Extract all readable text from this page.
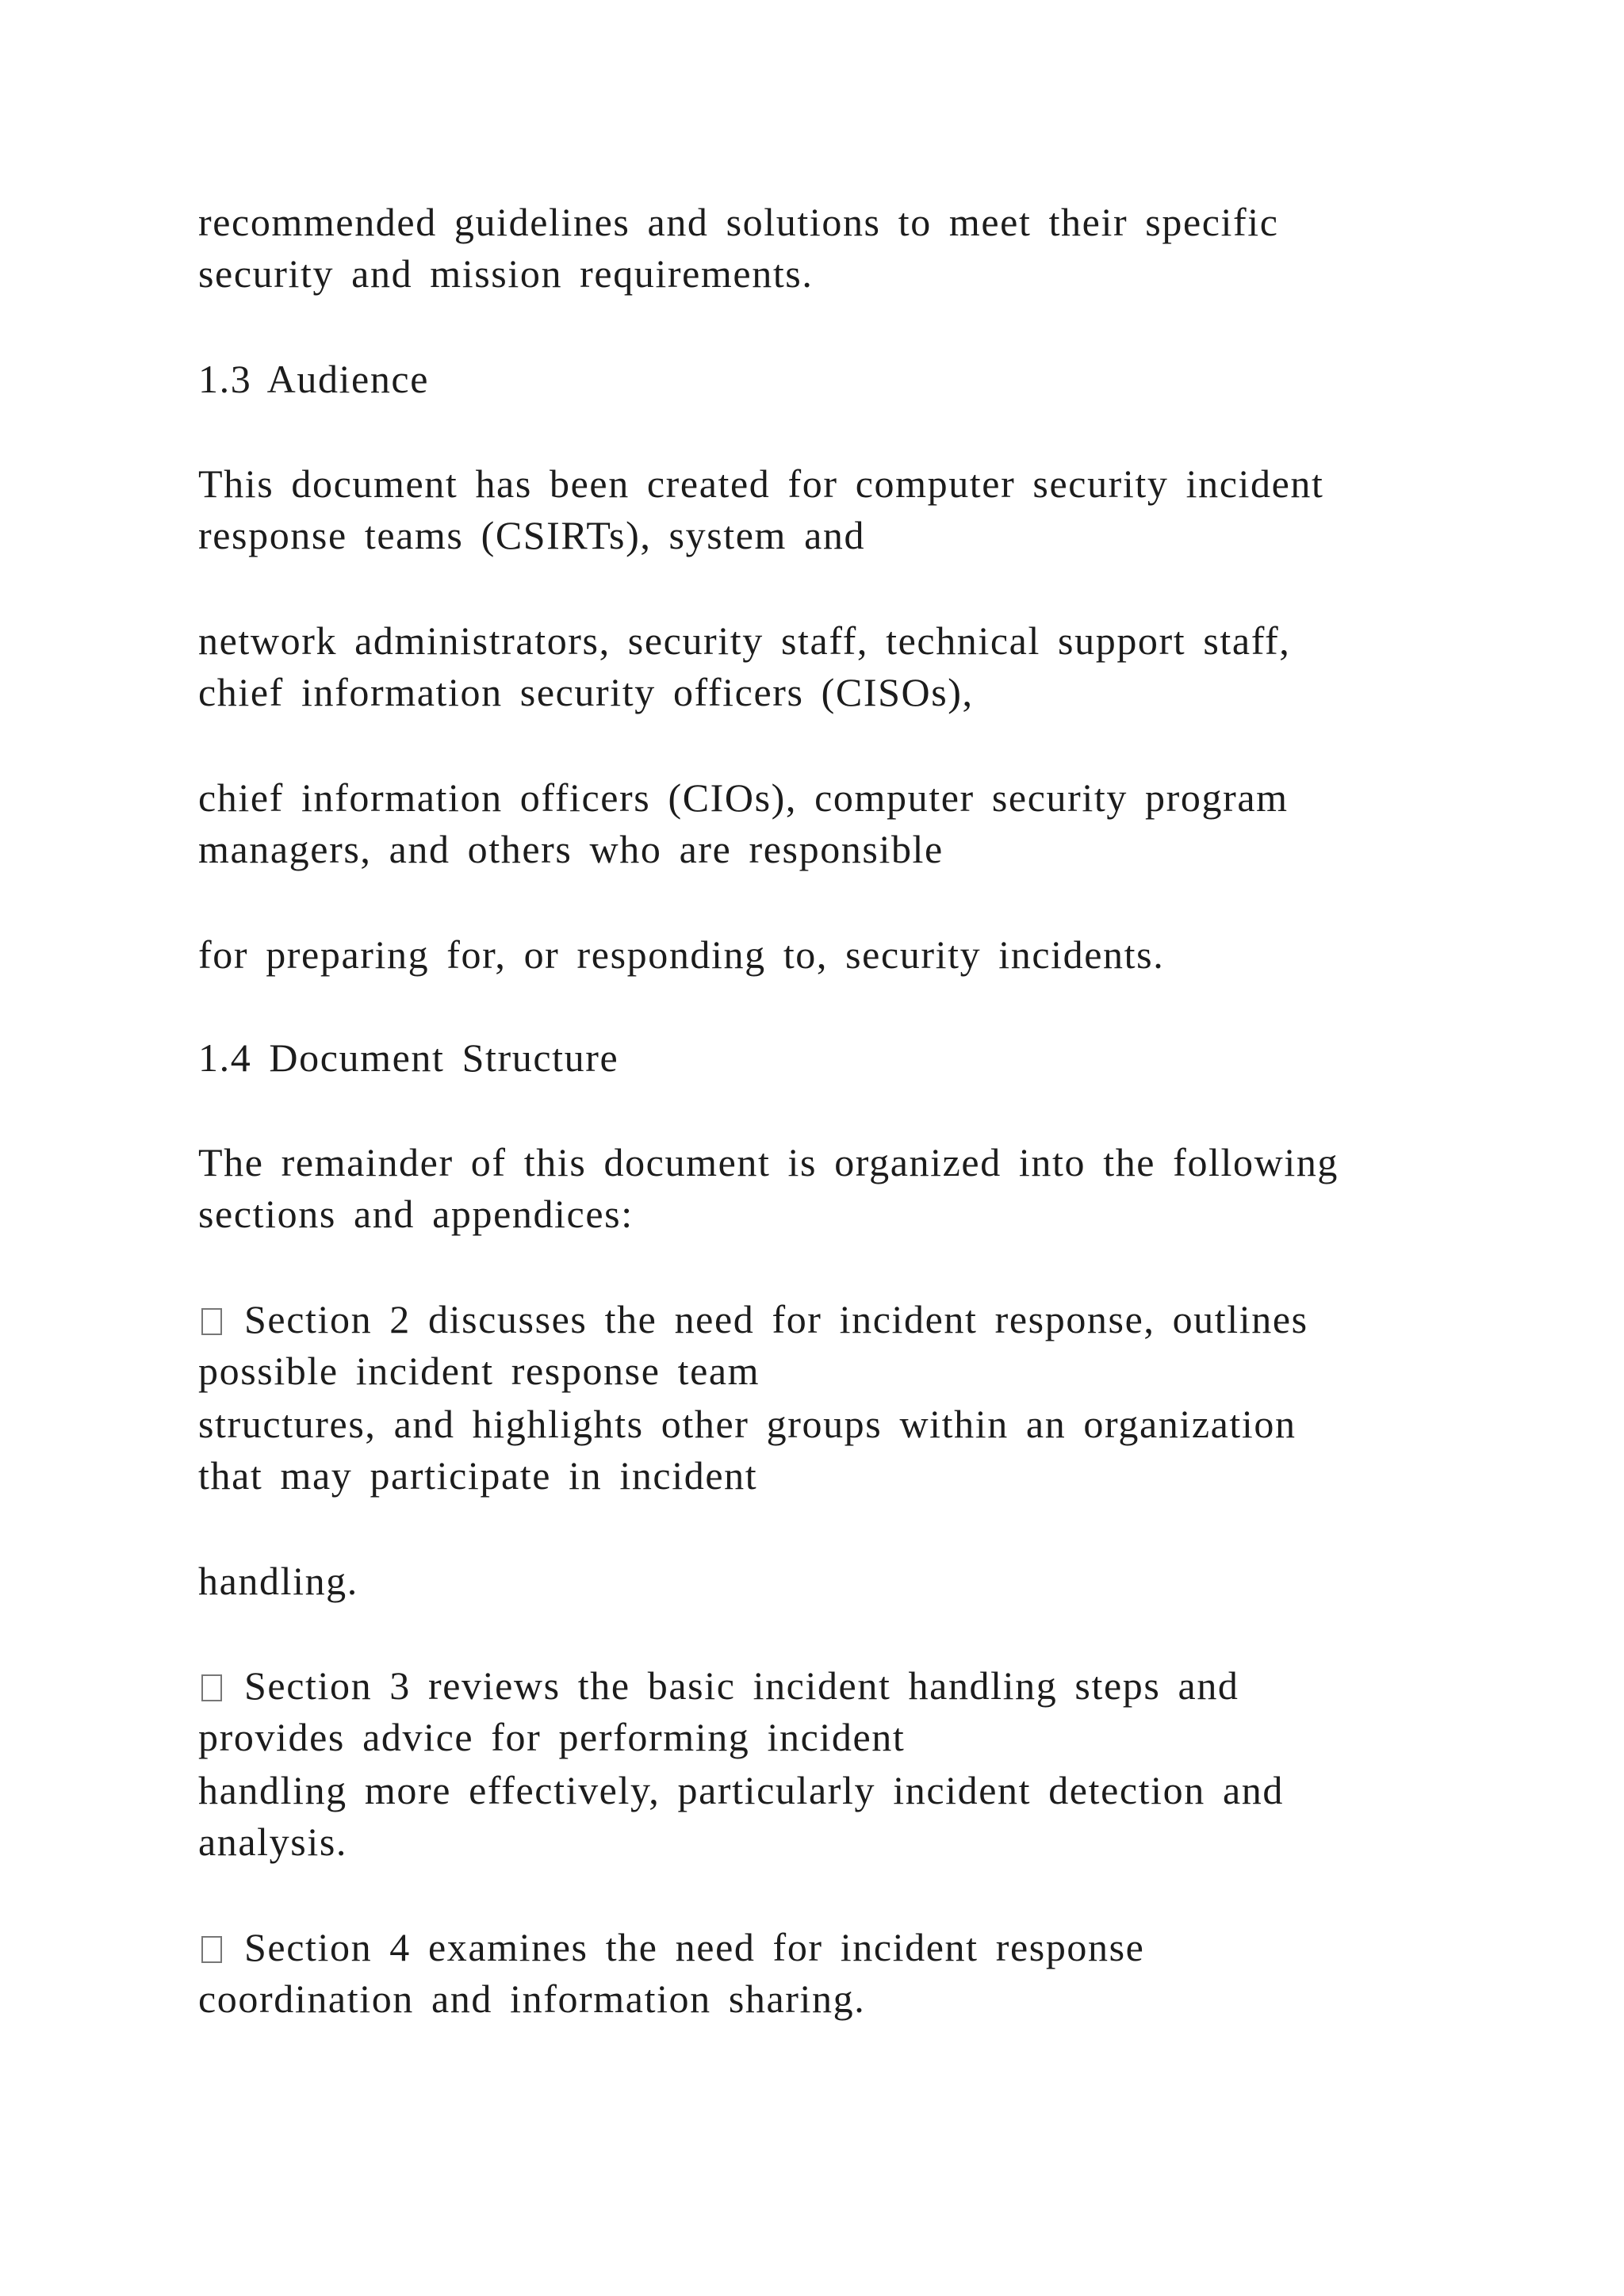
recommended guidelines and solutions to meet their specific

security and mission requirements.

1.3 Audience

This document has been created for computer security incident

response teams (CSIRTs), system and

network administrators, security staff, technical support staff,

chief information security officers (CISOs),

chief information officers (CIOs), computer security program

managers, and others who are responsible

for preparing for, or responding to, security incidents.

1.4 Document Structure

The remainder of this document is organized into the following

sections and appendices:

Section 2 discusses the need for incident response, outlines

possible incident response team

structures, and highlights other groups within an organization

that may participate in incident

handling.

Section 3 reviews the basic incident handling steps and

provides advice for performing incident

handling more effectively, particularly incident detection and

analysis.

Section 4 examines the need for incident response

coordination and information sharing.
